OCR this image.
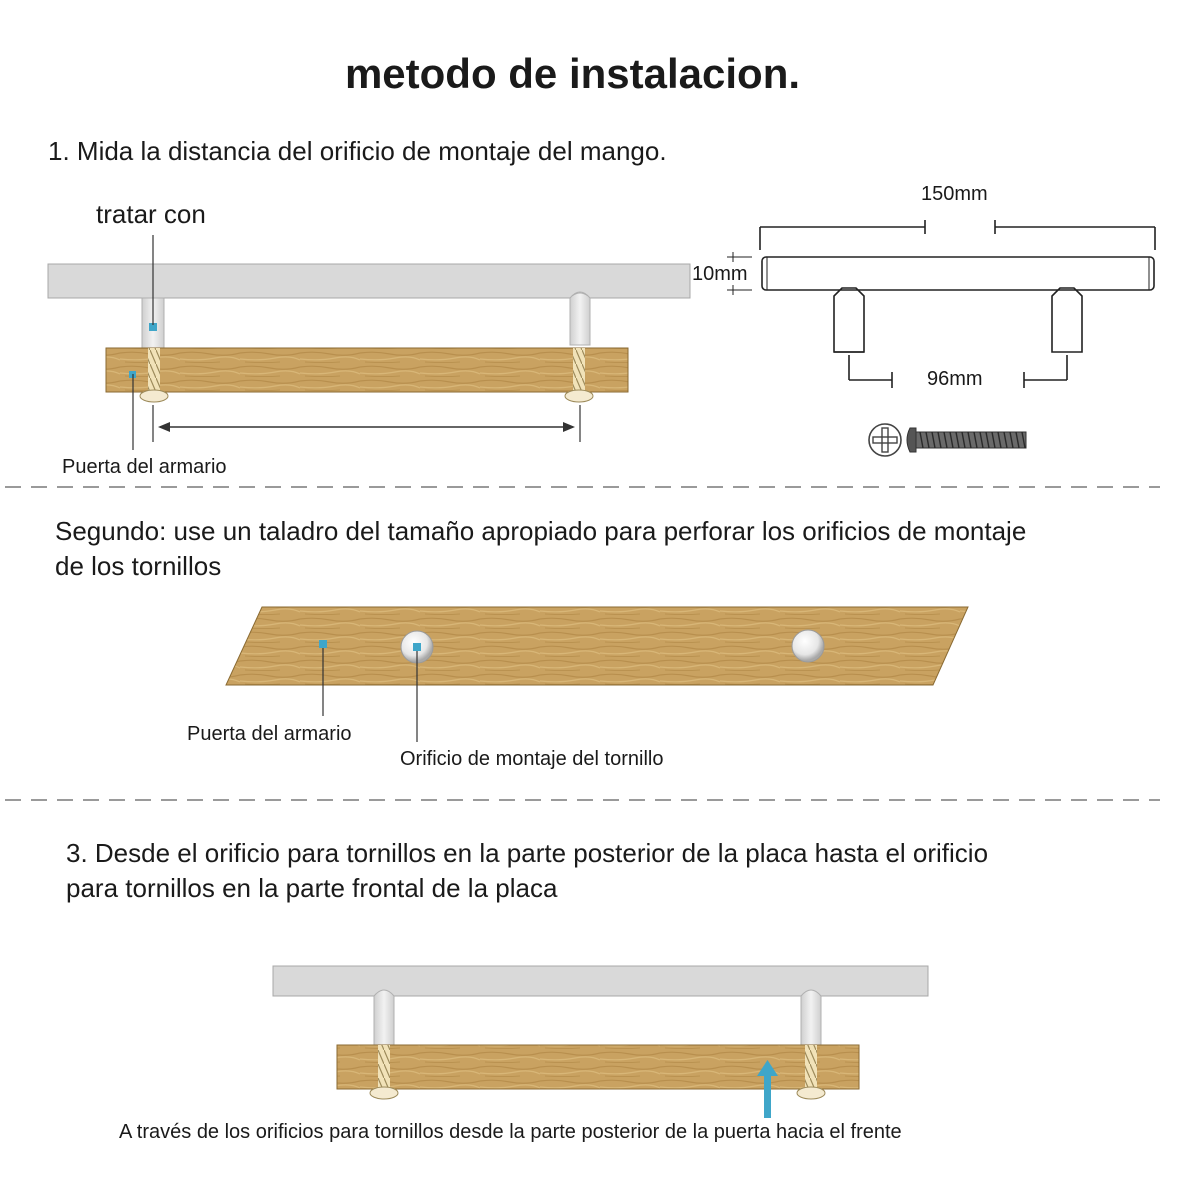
metodo de instalacion.

1. Mida la distancia del orificio de montaje del mango.

tratar con
Puerta del armario
150mm
10mm
96mm

Segundo: use un taladro del tamaño apropiado para perforar los orificios de montaje

de los tornillos

Puerta del armario
Orificio de montaje del tornillo

3. Desde el orificio para tornillos en la parte posterior de la placa hasta el orificio

para tornillos en la parte frontal de la placa

A través de los orificios para tornillos desde la parte posterior de la puerta hacia el frente
